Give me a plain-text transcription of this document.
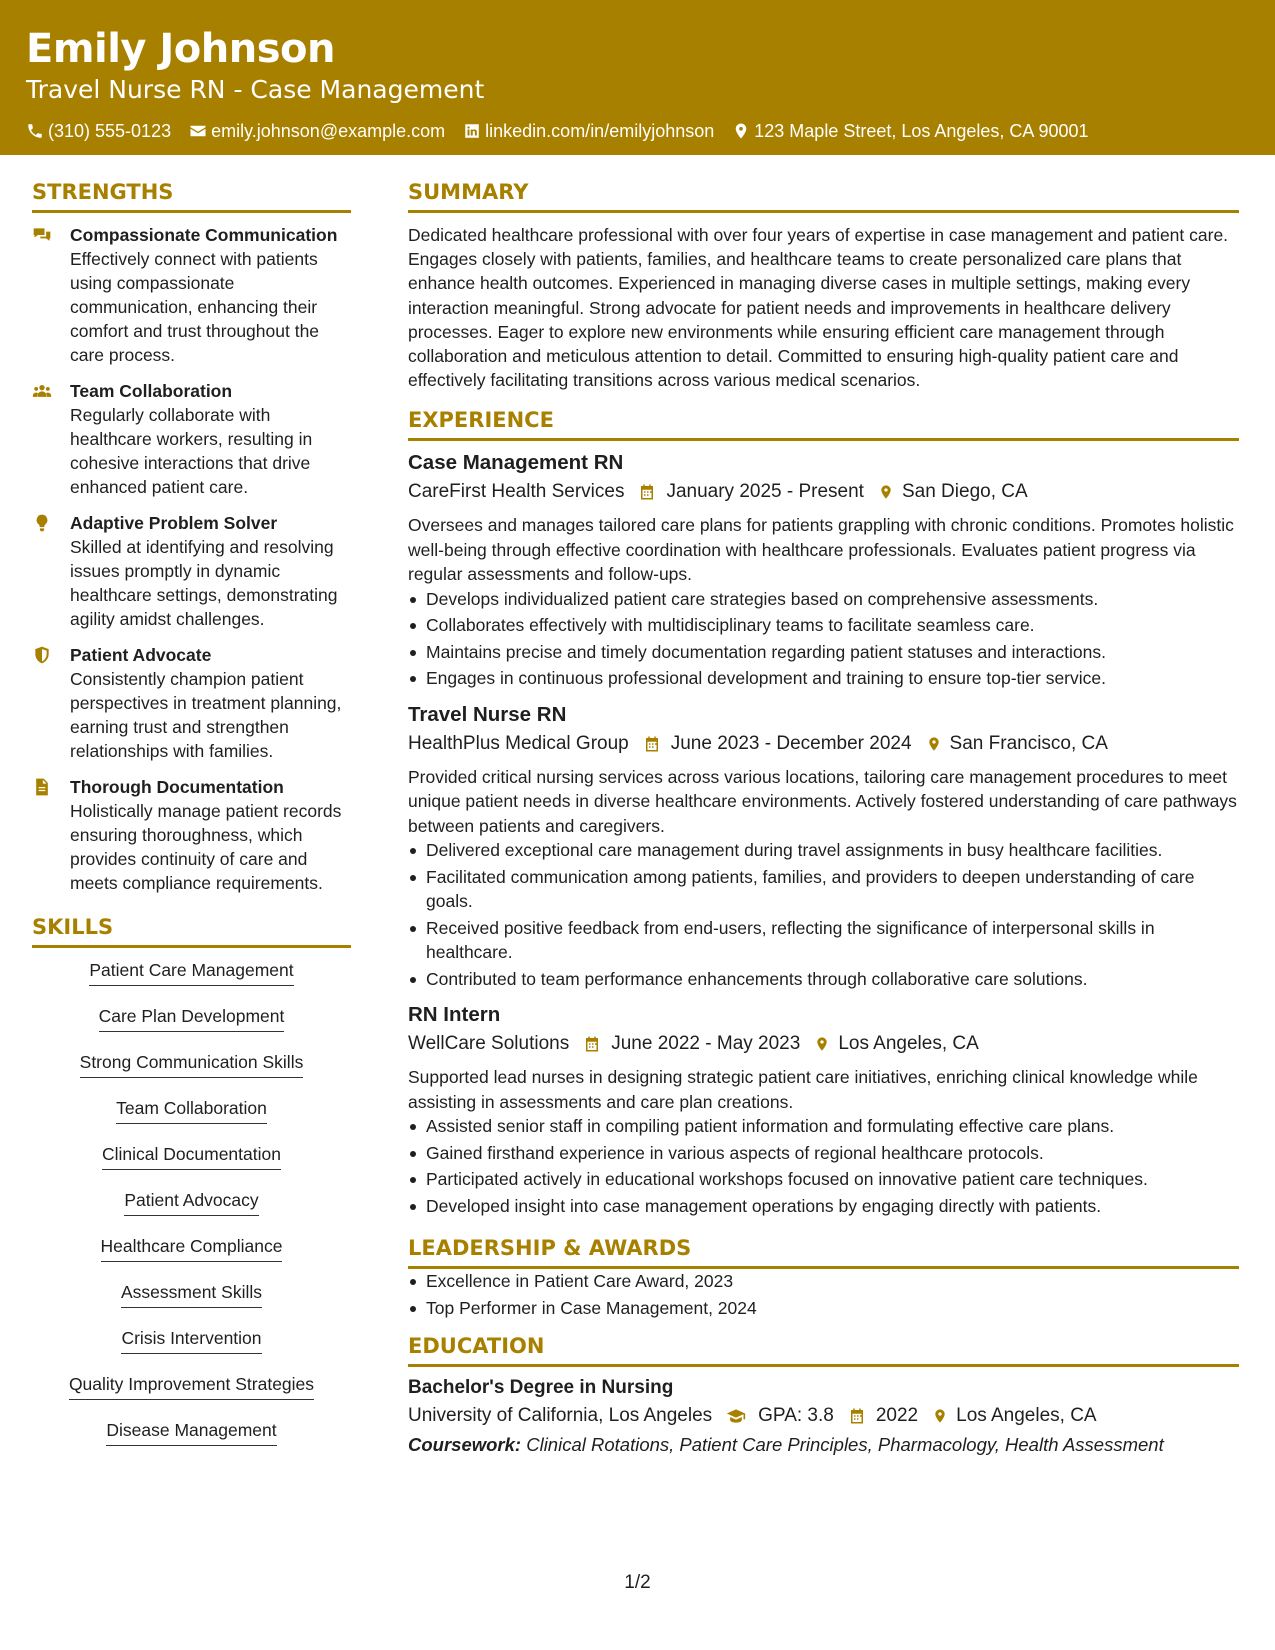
Emily Johnson
Travel Nurse RN - Case Management
(310) 555-0123 emily.johnson@example.com linkedin.com/in/emilyjohnson 123 Maple Street, Los Angeles, CA 90001
STRENGTHS
Compassionate Communication
Effectively connect with patients using compassionate communication, enhancing their comfort and trust throughout the care process.
Team Collaboration
Regularly collaborate with healthcare workers, resulting in cohesive interactions that drive enhanced patient care.
Adaptive Problem Solver
Skilled at identifying and resolving issues promptly in dynamic healthcare settings, demonstrating agility amidst challenges.
Patient Advocate
Consistently champion patient perspectives in treatment planning, earning trust and strengthen relationships with families.
Thorough Documentation
Holistically manage patient records ensuring thoroughness, which provides continuity of care and meets compliance requirements.
SKILLS
Patient Care Management
Care Plan Development
Strong Communication Skills
Team Collaboration
Clinical Documentation
Patient Advocacy
Healthcare Compliance
Assessment Skills
Crisis Intervention
Quality Improvement Strategies
Disease Management
SUMMARY
Dedicated healthcare professional with over four years of expertise in case management and patient care. Engages closely with patients, families, and healthcare teams to create personalized care plans that enhance health outcomes. Experienced in managing diverse cases in multiple settings, making every interaction meaningful. Strong advocate for patient needs and improvements in healthcare delivery processes. Eager to explore new environments while ensuring efficient care management through collaboration and meticulous attention to detail. Committed to ensuring high-quality patient care and effectively facilitating transitions across various medical scenarios.
EXPERIENCE
Case Management RN
CareFirst Health Services January 2025 - Present San Diego, CA
Oversees and manages tailored care plans for patients grappling with chronic conditions. Promotes holistic well-being through effective coordination with healthcare professionals. Evaluates patient progress via regular assessments and follow-ups.
Develops individualized patient care strategies based on comprehensive assessments.
Collaborates effectively with multidisciplinary teams to facilitate seamless care.
Maintains precise and timely documentation regarding patient statuses and interactions.
Engages in continuous professional development and training to ensure top-tier service.
Travel Nurse RN
HealthPlus Medical Group June 2023 - December 2024 San Francisco, CA
Provided critical nursing services across various locations, tailoring care management procedures to meet unique patient needs in diverse healthcare environments. Actively fostered understanding of care pathways between patients and caregivers.
Delivered exceptional care management during travel assignments in busy healthcare facilities.
Facilitated communication among patients, families, and providers to deepen understanding of care goals.
Received positive feedback from end-users, reflecting the significance of interpersonal skills in healthcare.
Contributed to team performance enhancements through collaborative care solutions.
RN Intern
WellCare Solutions June 2022 - May 2023 Los Angeles, CA
Supported lead nurses in designing strategic patient care initiatives, enriching clinical knowledge while assisting in assessments and care plan creations.
Assisted senior staff in compiling patient information and formulating effective care plans.
Gained firsthand experience in various aspects of regional healthcare protocols.
Participated actively in educational workshops focused on innovative patient care techniques.
Developed insight into case management operations by engaging directly with patients.
LEADERSHIP & AWARDS
Excellence in Patient Care Award, 2023
Top Performer in Case Management, 2024
EDUCATION
Bachelor's Degree in Nursing
University of California, Los Angeles GPA: 3.8 2022 Los Angeles, CA
Coursework: Clinical Rotations, Patient Care Principles, Pharmacology, Health Assessment
1/2
